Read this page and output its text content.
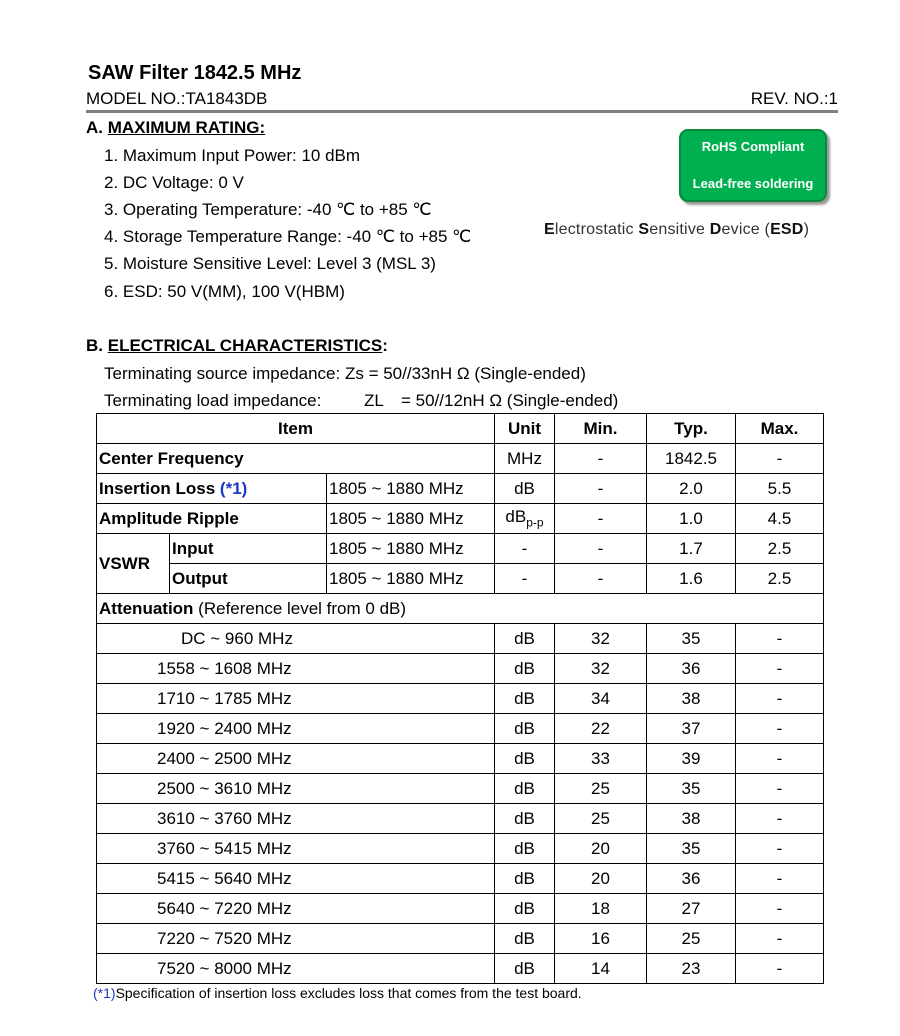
SAW Filter 1842.5 MHz
MODEL NO.:TA1843DB	REV. NO.:1
A. MAXIMUM RATING:
1. Maximum Input Power: 10 dBm
2. DC Voltage: 0 V
3. Operating Temperature: -40 ℃ to +85 ℃
4. Storage Temperature Range: -40 ℃ to +85 ℃
5. Moisture Sensitive Level: Level 3 (MSL 3)
6. ESD: 50 V(MM), 100 V(HBM)
RoHS Compliant
Lead-free soldering
Electrostatic Sensitive Device (ESD)
B. ELECTRICAL CHARACTERISTICS:
Terminating source impedance: Zs = 50//33nH Ω (Single-ended)
Terminating load impedance:	ZL = 50//12nH Ω (Single-ended)
Item			Unit	Min.	Typ.	Max.
Center Frequency			MHz	-	1842.5	-
Insertion Loss (*1)		1805 ~ 1880 MHz	dB	-	2.0	5.5
Amplitude Ripple		1805 ~ 1880 MHz	$dB_{p-p}$	-	1.0	4.5
VSWR	Input	1805 ~ 1880 MHz	-	-	1.7	2.5
	Output	1805 ~ 1880 MHz	-	-	1.6	2.5
Attenuation (Reference level from 0 dB)						
DC ~ 960 MHz			dB	32	35	-
1558 ~ 1608 MHz			dB	32	36	-
1710 ~ 1785 MHz			dB	34	38	-
1920 ~ 2400 MHz			dB	22	37	-
2400 ~ 2500 MHz			dB	33	39	-
2500 ~ 3610 MHz			dB	25	35	-
3610 ~ 3760 MHz			dB	25	38	-
3760 ~ 5415 MHz			dB	20	35	-
5415 ~ 5640 MHz			dB	20	36	-
5640 ~ 7220 MHz			dB	18	27	-
7220 ~ 7520 MHz			dB	16	25	-
7520 ~ 8000 MHz			dB	14	23	-
(*1)Specification of insertion loss excludes loss that comes from the test board.
